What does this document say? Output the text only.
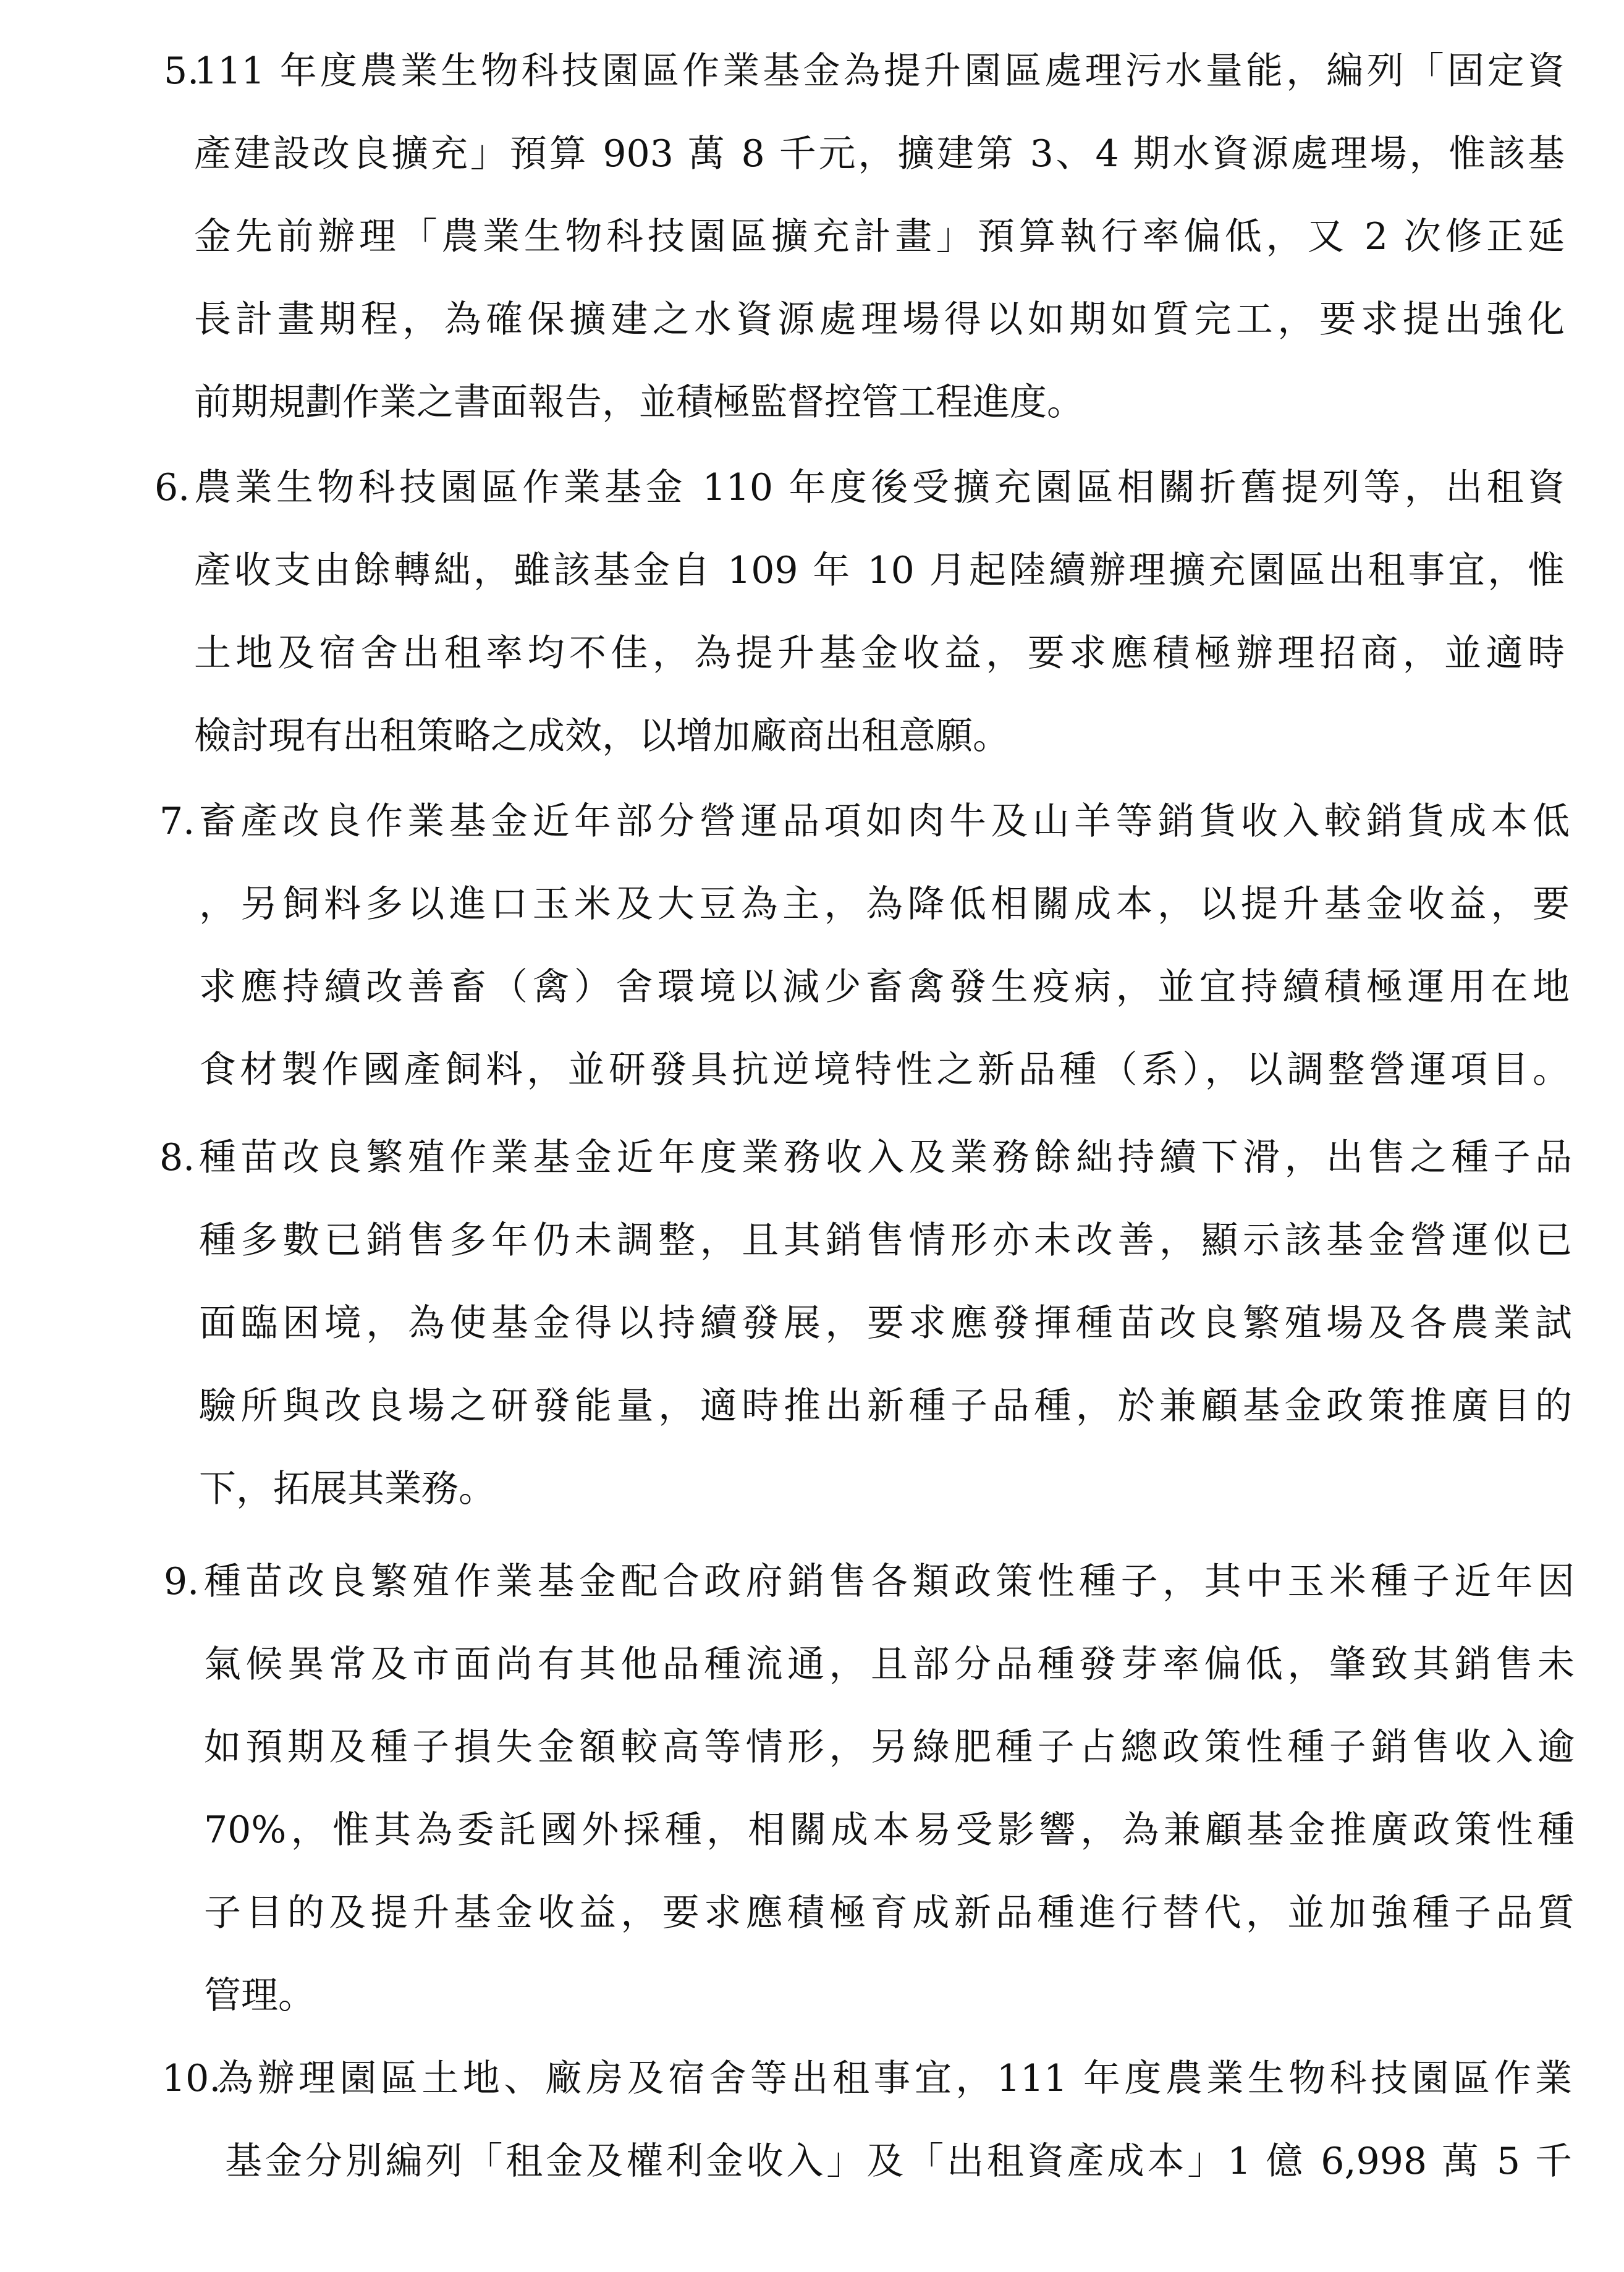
5.
111 年度農業生物科技園區作業基金為提升園區處理污水量能，編列「固定資
產建設改良擴充」預算 903 萬 8 千元，擴建第 3、4 期水資源處理場，惟該基
金先前辦理「農業生物科技園區擴充計畫」預算執行率偏低，又 2 次修正延
長計畫期程，為確保擴建之水資源處理場得以如期如質完工，要求提出強化
前期規劃作業之書面報告，並積極監督控管工程進度。
6. 農業生物科技園區作業基金 110 年度後受擴充園區相關折舊提列等，出租資
產收支由餘轉絀，雖該基金自 109 年 10 月起陸續辦理擴充園區出租事宜，惟
土地及宿舍出租率均不佳，為提升基金收益，要求應積極辦理招商，並適時
檢討現有出租策略之成效，以增加廠商出租意願。
7. 畜產改良作業基金近年部分營運品項如肉牛及山羊等銷貨收入較銷貨成本低
，另飼料多以進口玉米及大豆為主，為降低相關成本，以提升基金收益，要
求應持續改善畜（禽）舍環境以減少畜禽發生疫病，並宜持續積極運用在地
食材製作國產飼料，並研發具抗逆境特性之新品種（系），以調整營運項目。
8. 種苗改良繁殖作業基金近年度業務收入及業務餘絀持續下滑，出售之種子品
種多數已銷售多年仍未調整，且其銷售情形亦未改善，顯示該基金營運似已
面臨困境，為使基金得以持續發展，要求應發揮種苗改良繁殖場及各農業試
驗所與改良場之研發能量，適時推出新種子品種，於兼顧基金政策推廣目的
下，拓展其業務。
9. 種苗改良繁殖作業基金配合政府銷售各類政策性種子，其中玉米種子近年因
氣候異常及市面尚有其他品種流通，且部分品種發芽率偏低，肇致其銷售未
如預期及種子損失金額較高等情形，另綠肥種子占總政策性種子銷售收入逾
70%，惟其為委託國外採種，相關成本易受影響，為兼顧基金推廣政策性種
子目的及提升基金收益，要求應積極育成新品種進行替代，並加強種子品質
管理。
10.
為辦理園區土地、廠房及宿舍等出租事宜，111 年度農業生物科技園區作業
基金分別編列「租金及權利金收入」及「出租資產成本」1 億 6,998 萬 5 千
